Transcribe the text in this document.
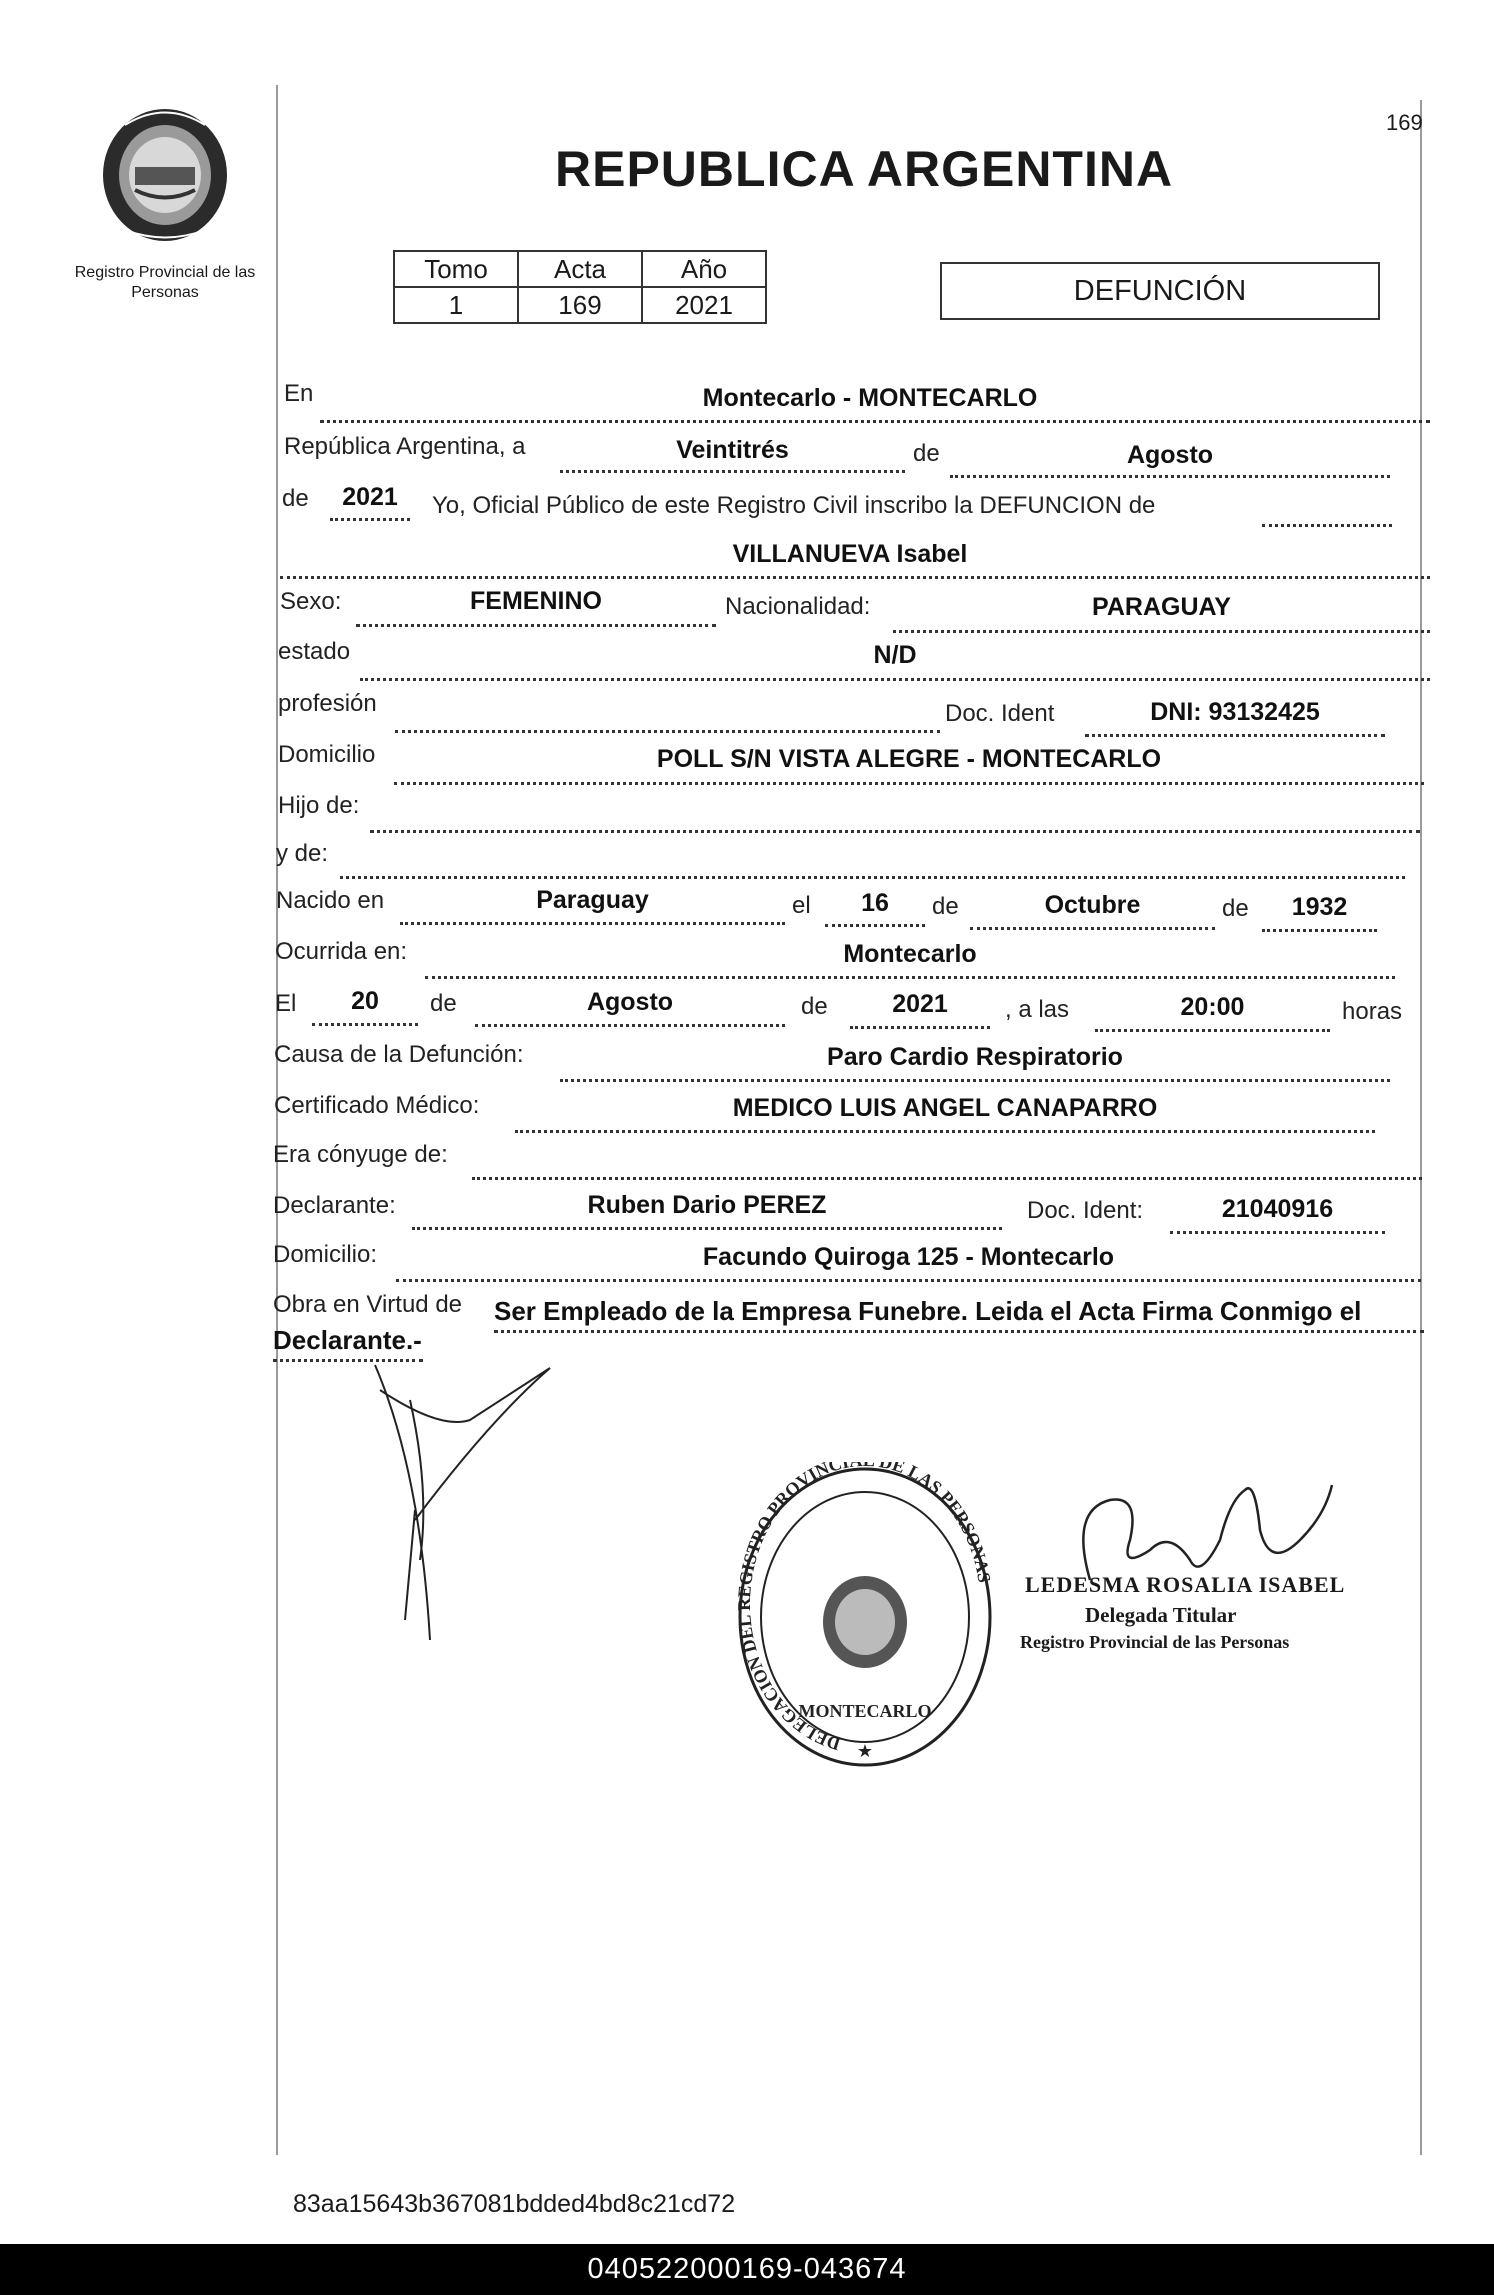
169
Registro Provincial de las Personas
REPUBLICA ARGENTINA
Tomo	Acta	Año
1	169	2021	DEFUNCIÓN
En	Montecarlo - MONTECARLO
República Argentina, a	Veintitrés	de	Agosto
de	2021	Yo, Oficial Público de este Registro Civil inscribo la DEFUNCION de
VILLANUEVA Isabel
Sexo:	FEMENINO	Nacionalidad:	PARAGUAY
estado	N/D
profesión	Doc. Ident	DNI: 93132425
Domicilio	POLL S/N VISTA ALEGRE - MONTECARLO
Hijo de:
y de:
Nacido en	Paraguay	el	16	de	Octubre	de	1932
Ocurrida en:	Montecarlo
El	20	de	Agosto	de	2021	, a las	20:00	horas
Causa de la Defunción:	Paro Cardio Respiratorio
Certificado Médico:	MEDICO LUIS ANGEL CANAPARRO
Era cónyuge de:
Declarante:	Ruben Dario PEREZ	Doc. Ident:	21040916
Domicilio:	Facundo Quiroga 125 - Montecarlo
Obra en Virtud de Ser Empleado de la Empresa Funebre. Leida el Acta Firma Conmigo el
Declarante.-
DELEGACION DEL REGISTRO PROVINC DE LAS PERSONAS
MONTECARLO
★
LEDESMA ROSALIA ISABEL
Delegada Titular
Registro Provincial de las Personas
83aa15643b367081bdded4bd8c21cd72
040522000169-043674
